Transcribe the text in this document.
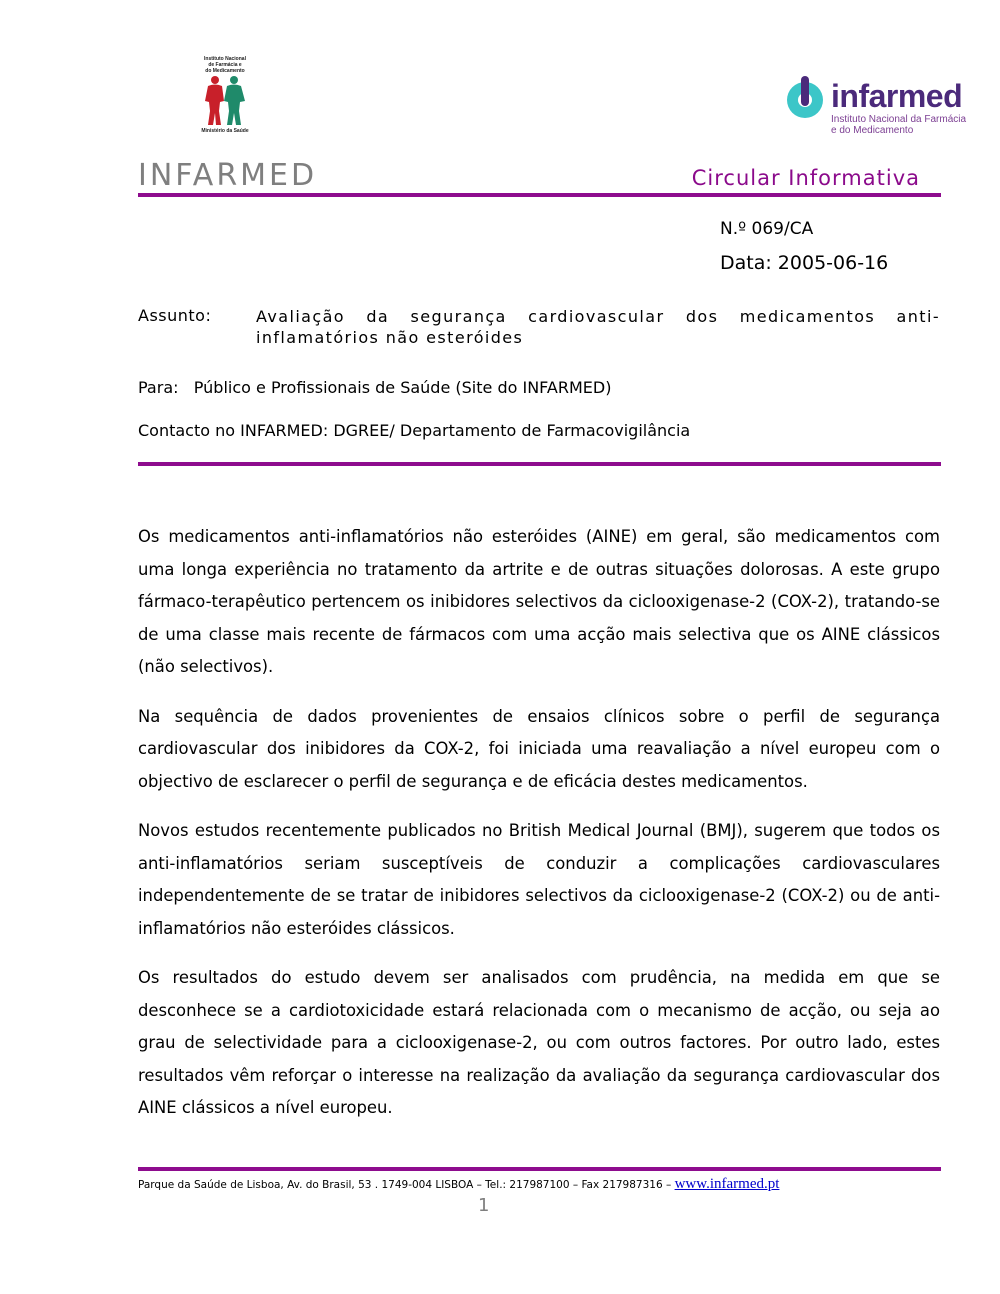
Instituto Nacional
de Farmácia e
do Medicamento
Ministério da Saúde
infarmed
Instituto Nacional da Farmácia
e do Medicamento
INFARMED	Circular Informativa
N.º 069/CA
Data: 2005-06-16
Assunto:	Avaliação da segurança cardiovascular dos medicamentos anti-inflamatórios não esteróides
Para: Público e Profissionais de Saúde (Site do INFARMED)
Contacto no INFARMED: DGREE/ Departamento de Farmacovigilância

Os medicamentos anti-inflamatórios não esteróides (AINE) em geral, são medicamentos com uma longa experiência no tratamento da artrite e de outras situações dolorosas. A este grupo fármaco-terapêutico pertencem os inibidores selectivos da ciclooxigenase-2 (COX-2), tratando-se de uma classe mais recente de fármacos com uma acção mais selectiva que os AINE clássicos (não selectivos).

Na sequência de dados provenientes de ensaios clínicos sobre o perfil de segurança cardiovascular dos inibidores da COX-2, foi iniciada uma reavaliação a nível europeu com o objectivo de esclarecer o perfil de segurança e de eficácia destes medicamentos.

Novos estudos recentemente publicados no British Medical Journal (BMJ), sugerem que todos os anti-inflamatórios seriam susceptíveis de conduzir a complicações cardiovasculares independentemente de se tratar de inibidores selectivos da ciclooxigenase-2 (COX-2) ou de anti-inflamatórios não esteróides clássicos.

Os resultados do estudo devem ser analisados com prudência, na medida em que se desconhece se a cardiotoxicidade estará relacionada com o mecanismo de acção, ou seja ao grau de selectividade para a ciclooxigenase-2, ou com outros factores. Por outro lado, estes resultados vêm reforçar o interesse na realização da avaliação da segurança cardiovascular dos AINE clássicos a nível europeu.

Parque da Saúde de Lisboa, Av. do Brasil, 53 . 1749-004 LISBOA – Tel.: 217987100 – Fax 217987316 – www.infarmed.pt
1
